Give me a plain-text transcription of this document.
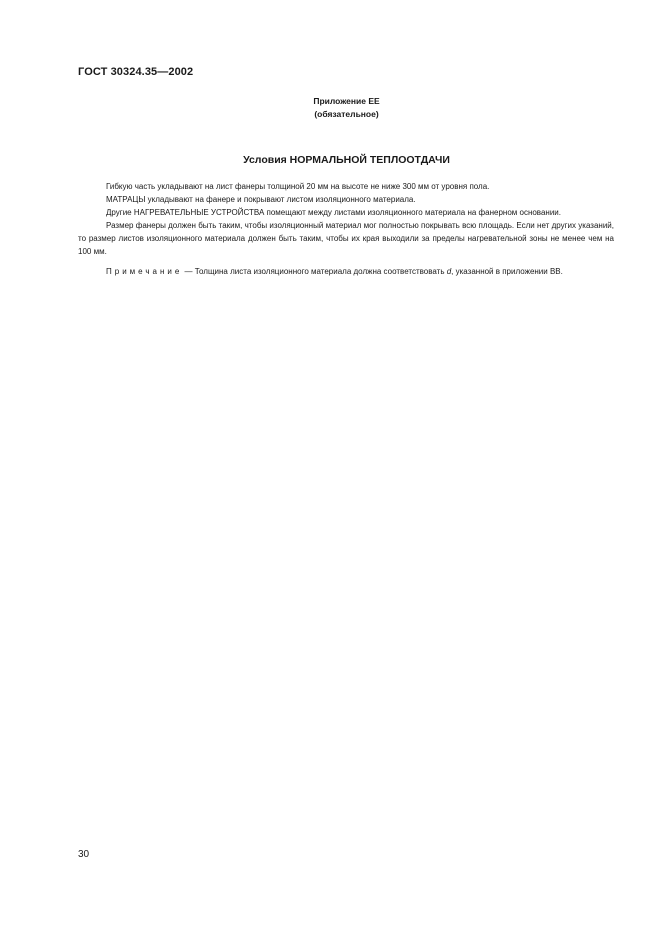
ГОСТ 30324.35—2002
Приложение ЕЕ
(обязательное)
Условия НОРМАЛЬНОЙ ТЕПЛООТДАЧИ

Гибкую часть укладывают на лист фанеры толщиной 20 мм на высоте не ниже 300 мм от уровня пола.

МАТРАЦЫ укладывают на фанере и покрывают листом изоляционного материала.

Другие НАГРЕВАТЕЛЬНЫЕ УСТРОЙСТВА помещают между листами изоляционного материала на фанерном основании.

Размер фанеры должен быть таким, чтобы изоляционный материал мог полностью покрывать всю площадь. Если нет других указаний, то размер листов изоляционного материала должен быть таким, чтобы их края выходили за пределы нагревательной зоны не менее чем на 100 мм.

Примечание — Толщина листа изоляционного материала должна соответствовать d, указанной в приложении ВВ.

30
